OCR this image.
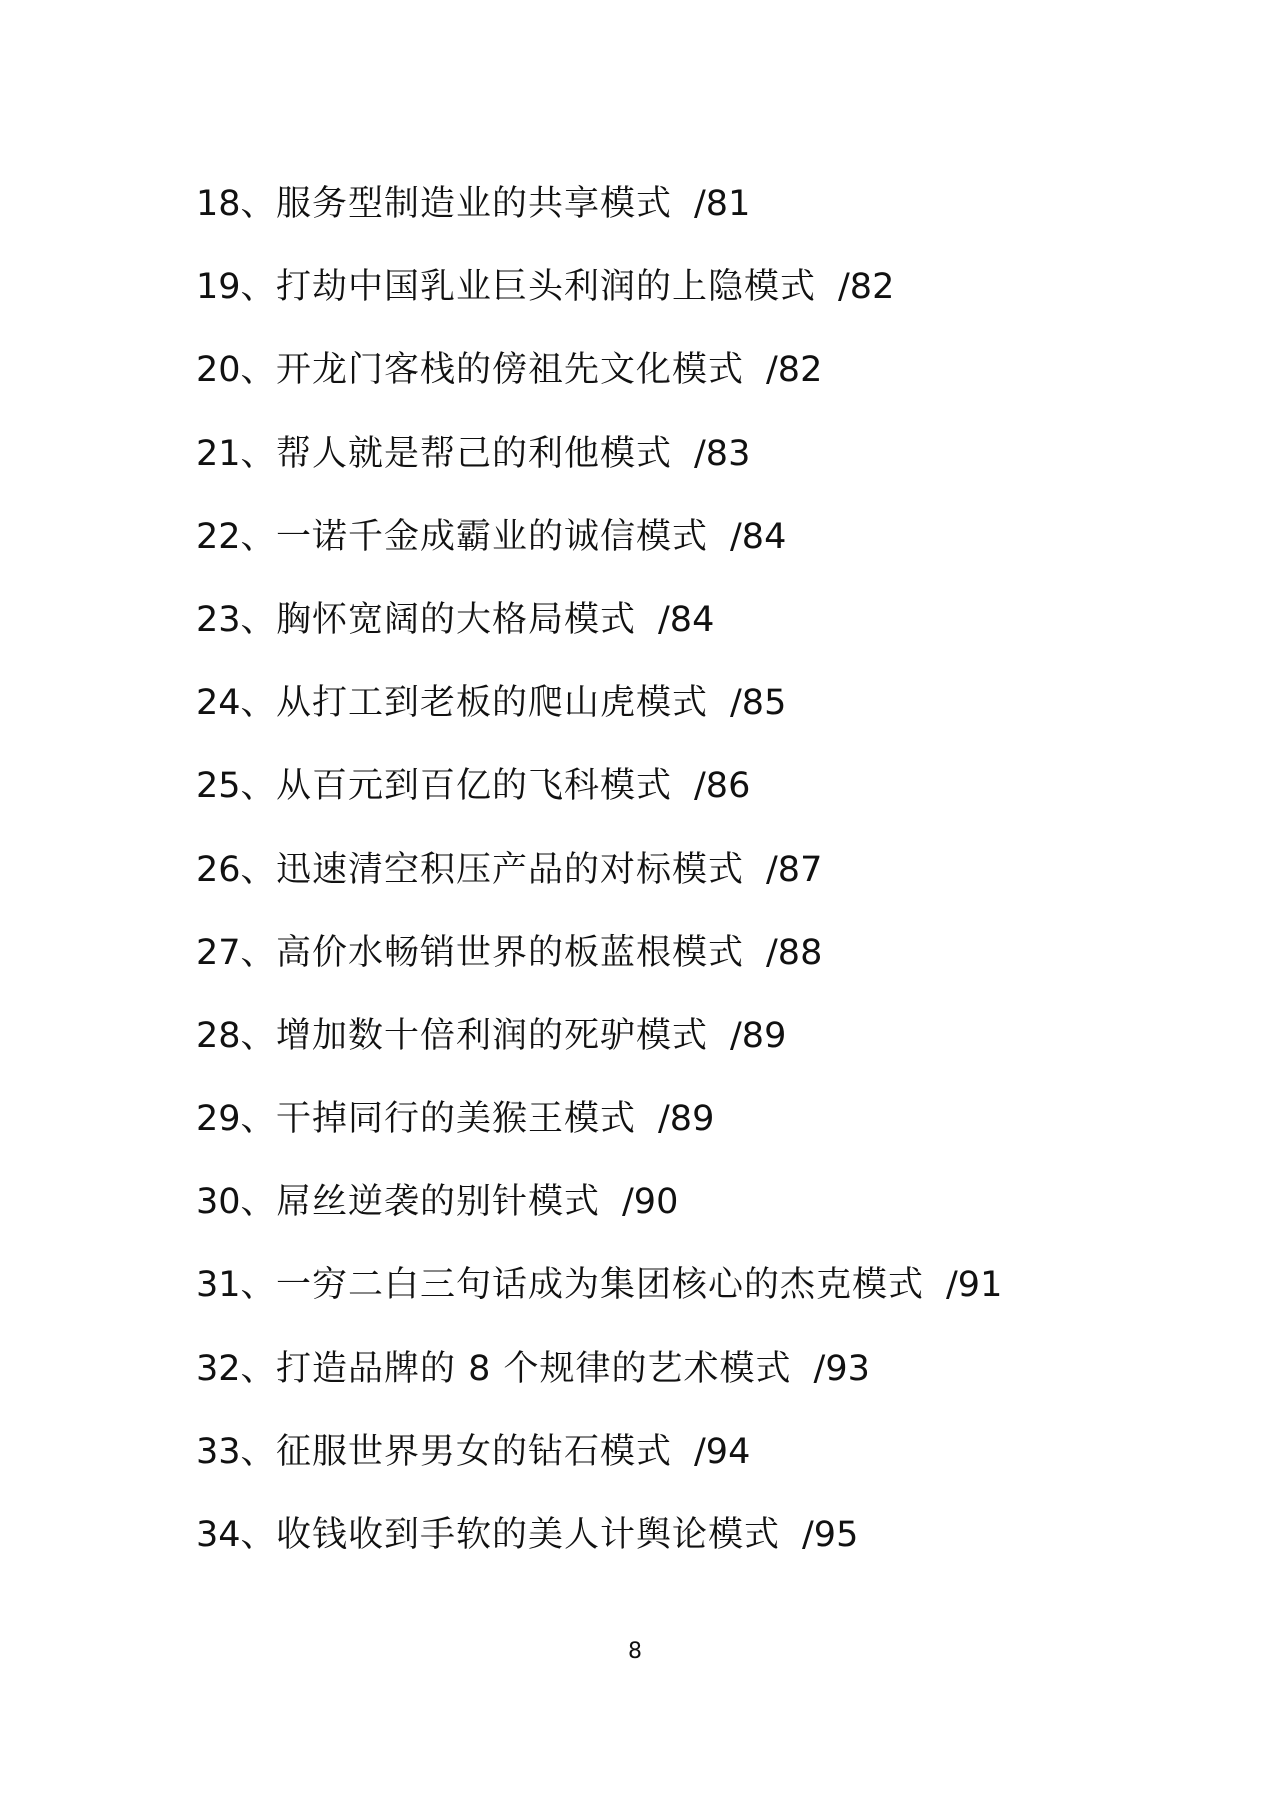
18、服务型制造业的共享模式 /81
19、打劫中国乳业巨头利润的上隐模式 /82
20、开龙门客栈的傍祖先文化模式 /82
21、帮人就是帮己的利他模式 /83
22、一诺千金成霸业的诚信模式 /84
23、胸怀宽阔的大格局模式 /84
24、从打工到老板的爬山虎模式 /85
25、从百元到百亿的飞科模式 /86
26、迅速清空积压产品的对标模式 /87
27、高价水畅销世界的板蓝根模式 /88
28、增加数十倍利润的死驴模式 /89
29、干掉同行的美猴王模式 /89
30、屌丝逆袭的别针模式 /90
31、一穷二白三句话成为集团核心的杰克模式 /91
32、打造品牌的 8 个规律的艺术模式 /93
33、征服世界男女的钻石模式 /94
34、收钱收到手软的美人计舆论模式 /95
8
